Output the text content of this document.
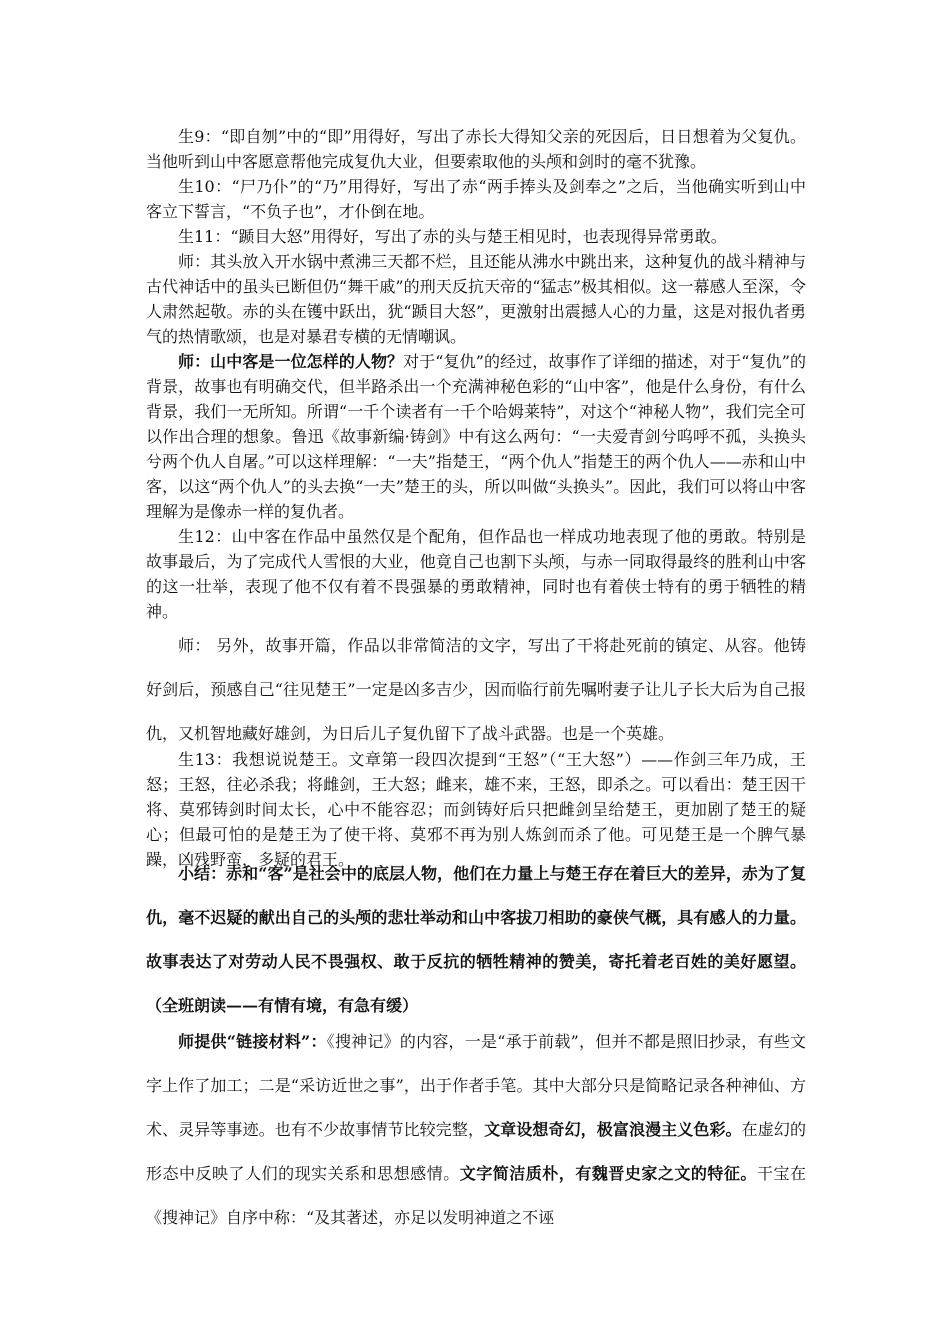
生9：“即自刎”中的“即”用得好，写出了赤长大得知父亲的死因后，日日想着为父复仇。当他听到山中客愿意帮他完成复仇大业，但要索取他的头颅和剑时的毫不犹豫。

生10：“尸乃仆”的“乃”用得好，写出了赤“两手捧头及剑奉之”之后，当他确实听到山中客立下誓言，“不负子也”，才仆倒在地。

生11：“踬目大怒”用得好，写出了赤的头与楚王相见时，也表现得异常勇敢。

师：其头放入开水锅中煮沸三天都不烂，且还能从沸水中跳出来，这种复仇的战斗精神与古代神话中的虽头已断但仍“舞干戚”的刑天反抗天帝的“猛志”极其相似。这一幕感人至深，令人肃然起敬。赤的头在镬中跃出，犹“踬目大怒”，更激射出震撼人心的力量，这是对报仇者勇气的热情歌颂，也是对暴君专横的无情嘲讽。

师：山中客是一位怎样的人物？对于“复仇”的经过，故事作了详细的描述，对于“复仇”的背景，故事也有明确交代，但半路杀出一个充满神秘色彩的“山中客”，他是什么身份，有什么背景，我们一无所知。所谓“一千个读者有一千个哈姆莱特”，对这个“神秘人物”，我们完全可以作出合理的想象。鲁迅《故事新编·铸剑》中有这么两句：“一夫爱青剑兮呜呼不孤，头换头兮两个仇人自屠。”可以这样理解：“一夫”指楚王，“两个仇人”指楚王的两个仇人——赤和山中客，以这“两个仇人”的头去换“一夫”楚王的头，所以叫做“头换头”。因此，我们可以将山中客理解为是像赤一样的复仇者。

生12：山中客在作品中虽然仅是个配角，但作品也一样成功地表现了他的勇敢。特别是故事最后，为了完成代人雪恨的大业，他竟自己也割下头颅，与赤一同取得最终的胜利山中客的这一壮举，表现了他不仅有着不畏强暴的勇敢精神，同时也有着侠士特有的勇于牺牲的精神。

师： 另外，故事开篇，作品以非常简洁的文字，写出了干将赴死前的镇定、从容。他铸好剑后，预感自己“往见楚王”一定是凶多吉少，因而临行前先嘱咐妻子让儿子长大后为自己报仇，又机智地藏好雄剑，为日后儿子复仇留下了战斗武器。也是一个英雄。

生13：我想说说楚王。文章第一段四次提到“王怒”（“王大怒”）——作剑三年乃成，王怒；王怒，往必杀我；将雌剑，王大怒；雌来，雄不来，王怒，即杀之。可以看出：楚王因干将、莫邪铸剑时间太长，心中不能容忍；而剑铸好后只把雌剑呈给楚王，更加剧了楚王的疑心；但最可怕的是楚王为了使干将、莫邪不再为别人炼剑而杀了他。可见楚王是一个脾气暴躁，凶残野蛮，多疑的君王。

小结：赤和“客”是社会中的底层人物，他们在力量上与楚王存在着巨大的差异，赤为了复仇，毫不迟疑的献出自己的头颅的悲壮举动和山中客拔刀相助的豪侠气概，具有感人的力量。故事表达了对劳动人民不畏强权、敢于反抗的牺牲精神的赞美，寄托着老百姓的美好愿望。 （全班朗读——有情有境，有急有缓）

师提供“链接材料”：《搜神记》的内容，一是“承于前载”，但并不都是照旧抄录，有些文字上作了加工；二是“采访近世之事”，出于作者手笔。其中大部分只是简略记录各种神仙、方术、灵异等事迹。也有不少故事情节比较完整，文章设想奇幻，极富浪漫主义色彩。在虚幻的形态中反映了人们的现实关系和思想感情。文字简洁质朴，有魏晋史家之文的特征。干宝在《搜神记》自序中称：“及其著述，亦足以发明神道之不诬
